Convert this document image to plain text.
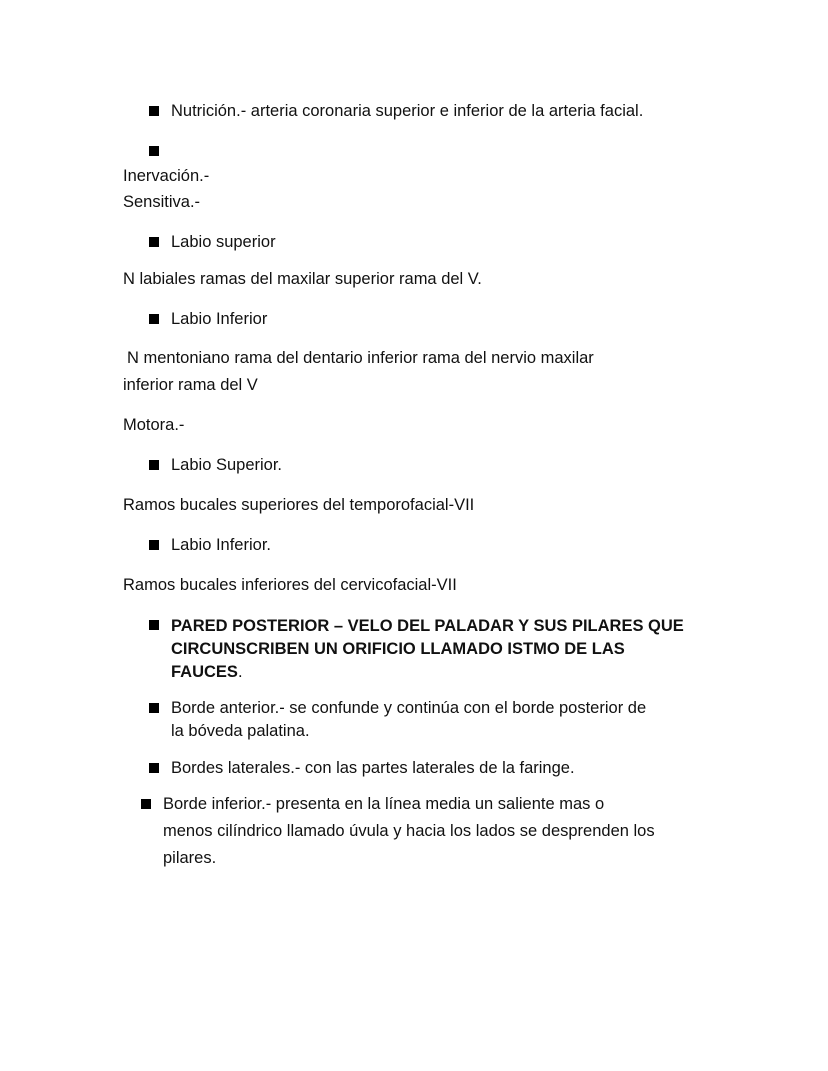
Nutrición.- arteria coronaria superior e inferior de la arteria facial.

Inervación.-

Sensitiva.-

Labio superior

N labiales ramas del maxilar superior rama del V.

Labio Inferior

N mentoniano rama del dentario inferior rama del nervio maxilar

inferior rama del V

Motora.-

Labio Superior.

Ramos bucales superiores del temporofacial-VII

Labio Inferior.

Ramos bucales inferiores del cervicofacial-VII

PARED POSTERIOR – VELO DEL PALADAR Y SUS PILARES QUE

CIRCUNSCRIBEN UN ORIFICIO LLAMADO ISTMO DE LAS

FAUCES.

Borde anterior.- se confunde y continúa con el borde posterior de

la bóveda palatina.

Bordes laterales.- con las partes laterales de la faringe.

Borde inferior.- presenta en la línea media un saliente mas o

menos cilíndrico llamado úvula y hacia los lados se desprenden los

pilares.
